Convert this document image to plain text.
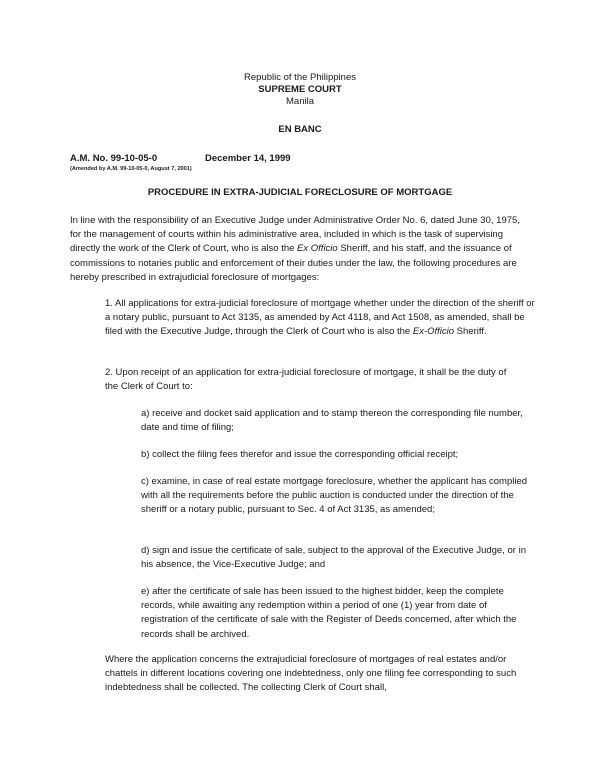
Republic of the Philippines
SUPREME COURT
Manila
EN BANC
A.M. No. 99-10-05-0	December 14, 1999
(Amended by A.M. 99-10-05-0, August 7, 2001)
PROCEDURE IN EXTRA-JUDICIAL FORECLOSURE OF MORTGAGE
In line with the responsibility of an Executive Judge under Administrative Order No. 6, dated June 30, 1975, for the management of courts within his administrative area, included in which is the task of supervising directly the work of the Clerk of Court, who is also the Ex Officio Sheriff, and his staff, and the issuance of commissions to notaries public and enforcement of their duties under the law, the following procedures are hereby prescribed in extrajudicial foreclosure of mortgages:
1. All applications for extra-judicial foreclosure of mortgage whether under the direction of the sheriff or a notary public, pursuant to Act 3135, as amended by Act 4118, and Act 1508, as amended, shall be filed with the Executive Judge, through the Clerk of Court who is also the Ex-Officio Sheriff.
2. Upon receipt of an application for extra-judicial foreclosure of mortgage, it shall be the duty of the Clerk of Court to:
a) receive and docket said application and to stamp thereon the corresponding file number, date and time of filing;
b) collect the filing fees therefor and issue the corresponding official receipt;
c) examine, in case of real estate mortgage foreclosure, whether the applicant has complied with all the requirements before the public auction is conducted under the direction of the sheriff or a notary public, pursuant to Sec. 4 of Act 3135, as amended;
d) sign and issue the certificate of sale, subject to the approval of the Executive Judge, or in his absence, the Vice-Executive Judge; and
e) after the certificate of sale has been issued to the highest bidder, keep the complete records, while awaiting any redemption within a period of one (1) year from date of registration of the certificate of sale with the Register of Deeds concerned, after which the records shall be archived.
Where the application concerns the extrajudicial foreclosure of mortgages of real estates and/or chattels in different locations covering one indebtedness, only one filing fee corresponding to such indebtedness shall be collected. The collecting Clerk of Court shall,
